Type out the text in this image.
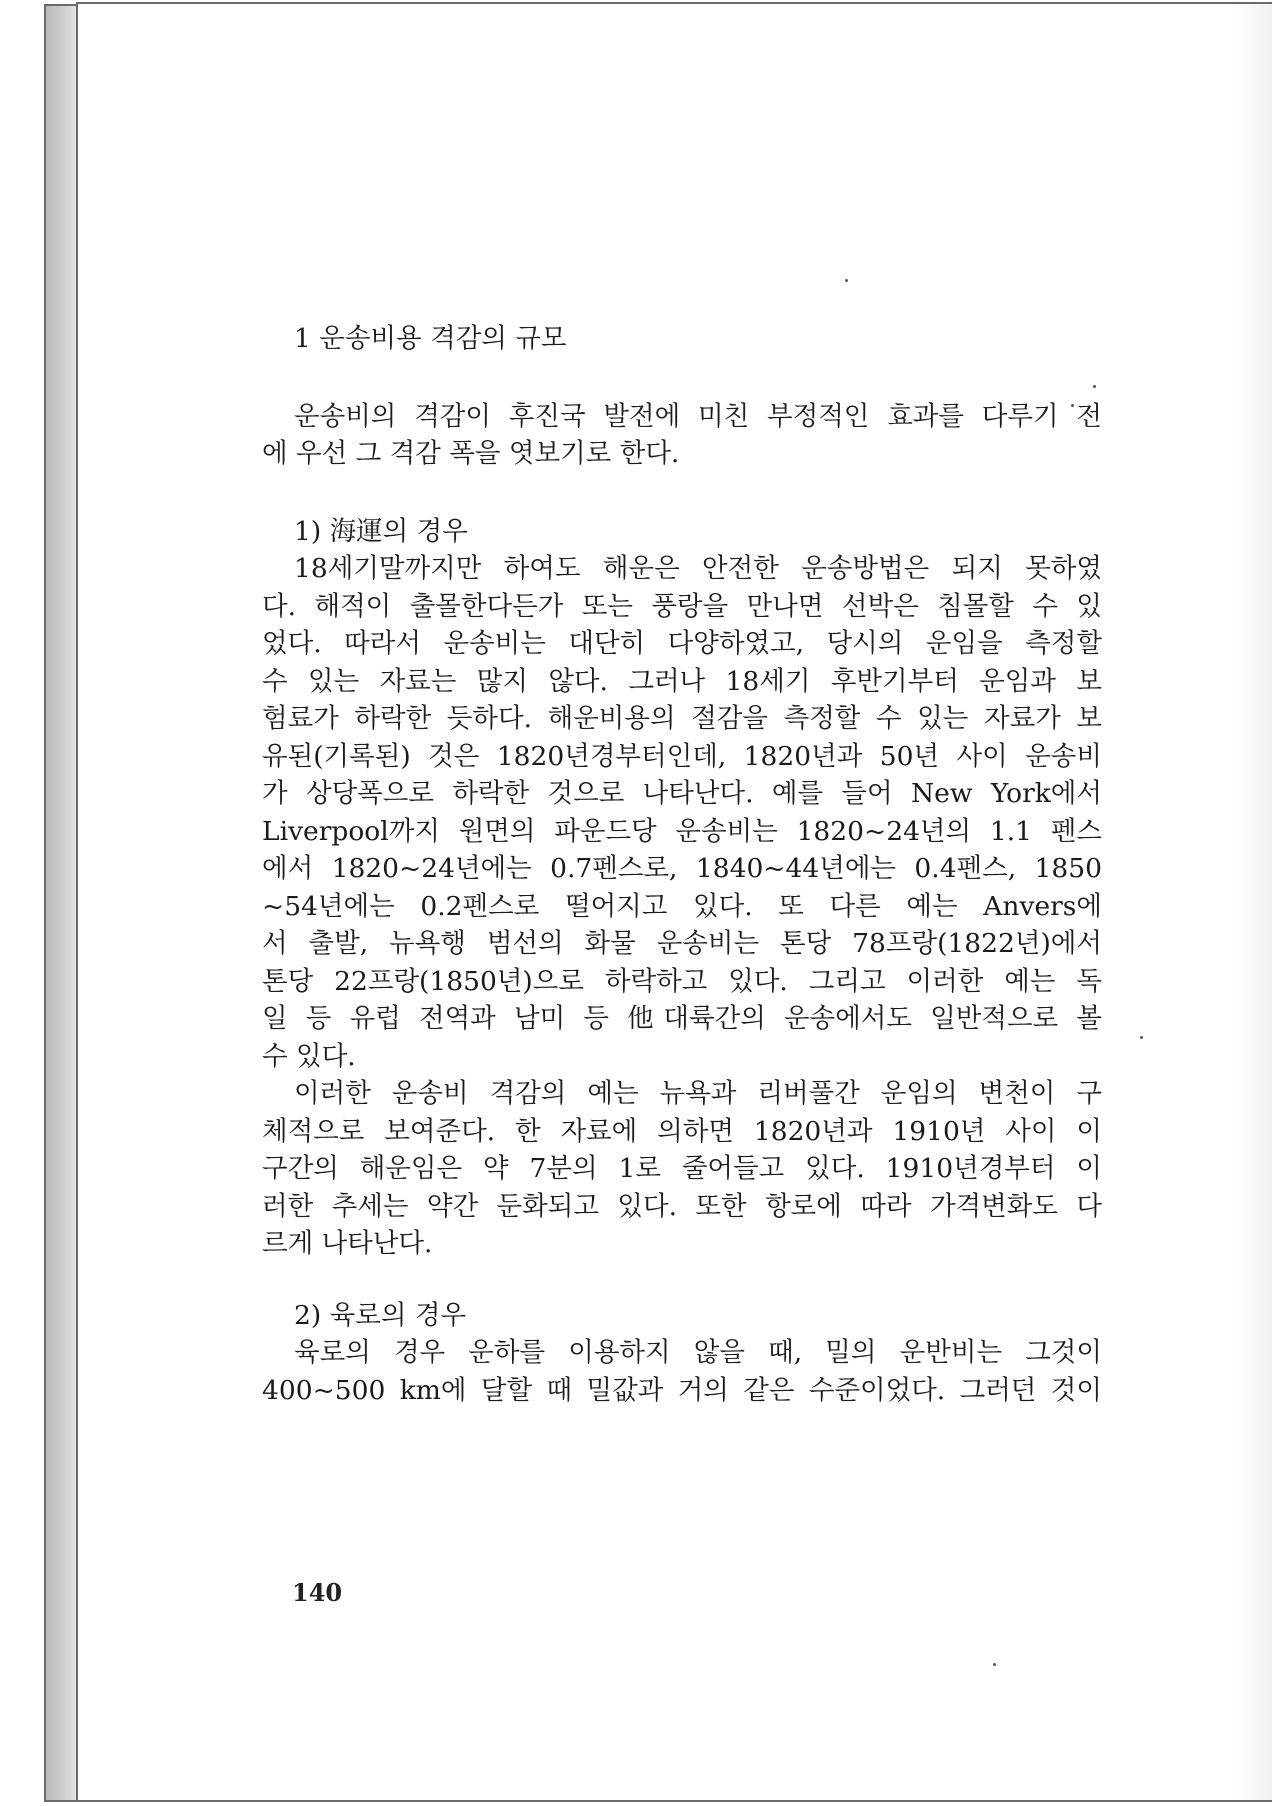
1 운송비용 격감의 규모

운송비의 격감이 후진국 발전에 미친 부정적인 효과를 다루기 전

에 우선 그 격감 폭을 엿보기로 한다.

1) 海運의 경우

18세기말까지만 하여도 해운은 안전한 운송방법은 되지 못하였

다. 해적이 출몰한다든가 또는 풍랑을 만나면 선박은 침몰할 수 있

었다. 따라서 운송비는 대단히 다양하였고, 당시의 운임을 측정할

수 있는 자료는 많지 않다. 그러나 18세기 후반기부터 운임과 보

험료가 하락한 듯하다. 해운비용의 절감을 측정할 수 있는 자료가 보

유된(기록된) 것은 1820년경부터인데, 1820년과 50년 사이 운송비

가 상당폭으로 하락한 것으로 나타난다. 예를 들어 New York에서

Liverpool까지 원면의 파운드당 운송비는 1820~24년의 1.1 펜스

에서 1820~24년에는 0.7펜스로, 1840~44년에는 0.4펜스, 1850

~54년에는 0.2펜스로 떨어지고 있다. 또 다른 예는 Anvers에

서 출발, 뉴욕행 범선의 화물 운송비는 톤당 78프랑(1822년)에서

톤당 22프랑(1850년)으로 하락하고 있다. 그리고 이러한 예는 독

일 등 유럽 전역과 남미 등 他대륙간의 운송에서도 일반적으로 볼

수 있다.

이러한 운송비 격감의 예는 뉴욕과 리버풀간 운임의 변천이 구

체적으로 보여준다. 한 자료에 의하면 1820년과 1910년 사이 이

구간의 해운임은 약 7분의 1로 줄어들고 있다. 1910년경부터 이

러한 추세는 약간 둔화되고 있다. 또한 항로에 따라 가격변화도 다

르게 나타난다.

2) 육로의 경우

육로의 경우 운하를 이용하지 않을 때, 밀의 운반비는 그것이

400~500 km에 달할 때 밀값과 거의 같은 수준이었다. 그러던 것이

140
